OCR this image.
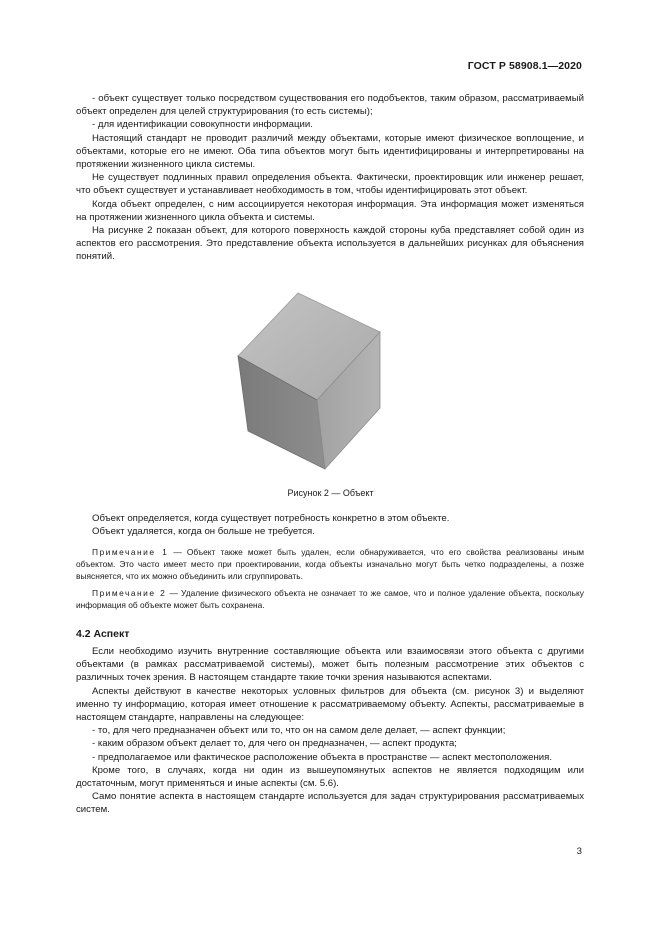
ГОСТ Р 58908.1—2020

- объект существует только посредством существования его подобъектов, таким образом, рассматриваемый объект определен для целей структурирования (то есть системы);

- для идентификации совокупности информации.

Настоящий стандарт не проводит различий между объектами, которые имеют физическое воплощение, и объектами, которые его не имеют. Оба типа объектов могут быть идентифицированы и интерпретированы на протяжении жизненного цикла системы.

Не существует подлинных правил определения объекта. Фактически, проектировщик или инженер решает, что объект существует и устанавливает необходимость в том, чтобы идентифицировать этот объект.

Когда объект определен, с ним ассоциируется некоторая информация. Эта информация может изменяться на протяжении жизненного цикла объекта и системы.

На рисунке 2 показан объект, для которого поверхность каждой стороны куба представляет собой один из аспектов его рассмотрения. Это представление объекта используется в дальнейших рисунках для объяснения понятий.

Рисунок 2 — Объект

Объект определяется, когда существует потребность конкретно в этом объекте.

Объект удаляется, когда он больше не требуется.

Примечание 1 — Объект также может быть удален, если обнаруживается, что его свойства реализованы иным объектом. Это часто имеет место при проектировании, когда объекты изначально могут быть четко подразделены, а позже выясняется, что их можно объединить или сгруппировать.

Примечание 2 — Удаление физического объекта не означает то же самое, что и полное удаление объекта, поскольку информация об объекте может быть сохранена.

4.2 Аспект

Если необходимо изучить внутренние составляющие объекта или взаимосвязи этого объекта с другими объектами (в рамках рассматриваемой системы), может быть полезным рассмотрение этих объектов с различных точек зрения. В настоящем стандарте такие точки зрения называются аспектами.

Аспекты действуют в качестве некоторых условных фильтров для объекта (см. рисунок 3) и выделяют именно ту информацию, которая имеет отношение к рассматриваемому объекту. Аспекты, рассматриваемые в настоящем стандарте, направлены на следующее:

- то, для чего предназначен объект или то, что он на самом деле делает, — аспект функции;

- каким образом объект делает то, для чего он предназначен, — аспект продукта;

- предполагаемое или фактическое расположение объекта в пространстве — аспект местоположения.

Кроме того, в случаях, когда ни один из вышеупомянутых аспектов не является подходящим или достаточным, могут применяться и иные аспекты (см. 5.6).

Само понятие аспекта в настоящем стандарте используется для задач структурирования рассматриваемых систем.

3
